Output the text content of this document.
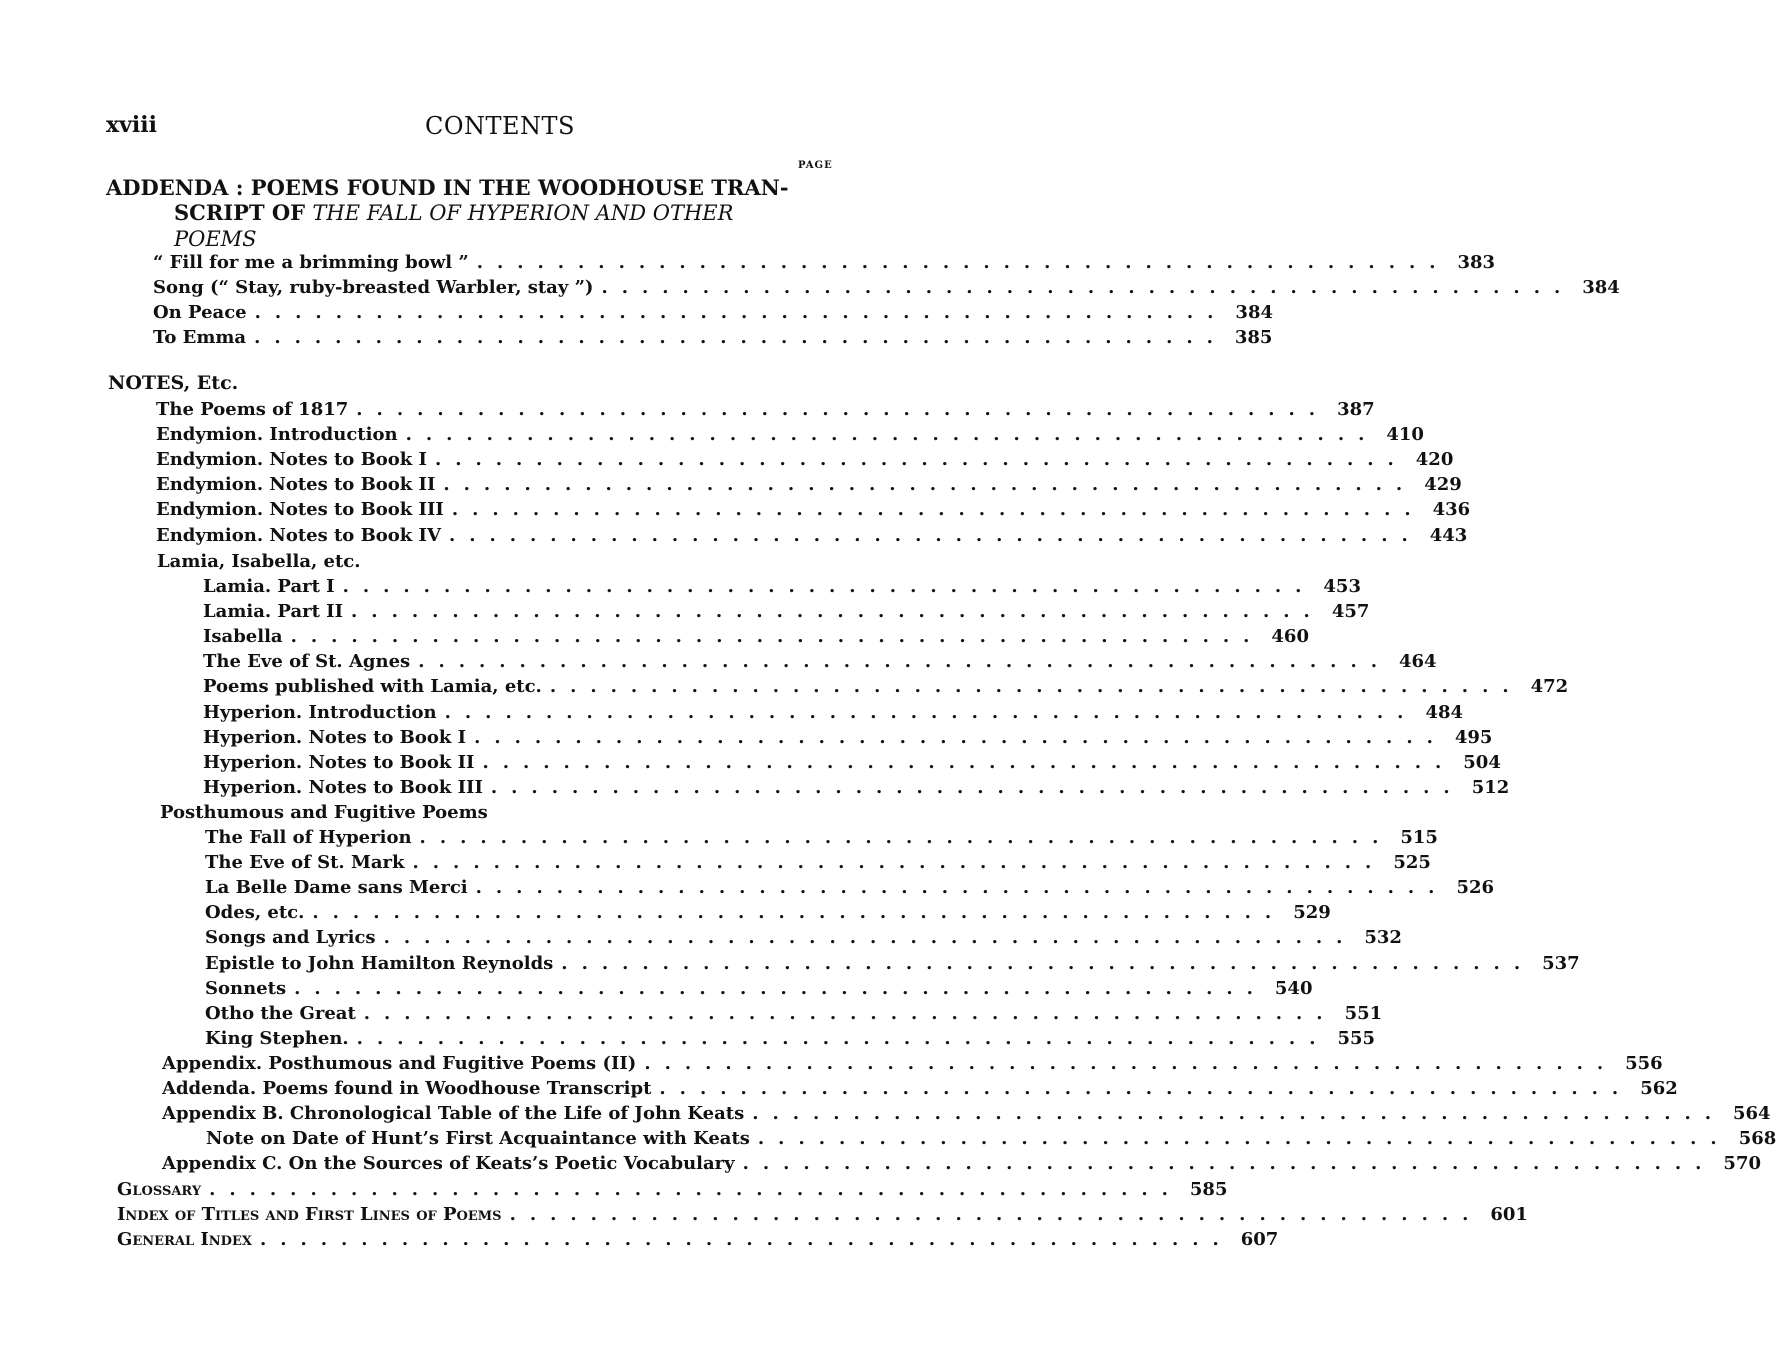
xviii	CONTENTS
PAGE
ADDENDA : POEMS FOUND IN THE WOODHOUSE TRAN-

SCRIPT OF THE FALL OF HYPERION AND OTHER
POEMS
NOTES, Etc.
Lamia, Isabella, etc.
Posthumous and Fugitive Poems
“ Fill for me a brimming bowl ” ................................................ 383
Song (“ Stay, ruby-breasted Warbler, stay ”) ................................................ 384
On Peace ................................................ 384
To Emma ................................................ 385
The Poems of 1817 ................................................ 387
Endymion. Introduction ................................................ 410
Endymion. Notes to Book I ................................................ 420
Endymion. Notes to Book II ................................................ 429
Endymion. Notes to Book III ................................................ 436
Endymion. Notes to Book IV ................................................ 443
Lamia. Part I ................................................ 453
Lamia. Part II ................................................ 457
Isabella ................................................ 460
The Eve of St. Agnes ................................................ 464
Poems published with Lamia, etc. ................................................ 472
Hyperion. Introduction ................................................ 484
Hyperion. Notes to Book I ................................................ 495
Hyperion. Notes to Book II ................................................ 504
Hyperion. Notes to Book III ................................................ 512
The Fall of Hyperion ................................................ 515
The Eve of St. Mark ................................................ 525
La Belle Dame sans Merci ................................................ 526
Odes, etc. ................................................ 529
Songs and Lyrics ................................................ 532
Epistle to John Hamilton Reynolds ................................................ 537
Sonnets ................................................ 540
Otho the Great ................................................ 551
King Stephen. ................................................ 555
Appendix. Posthumous and Fugitive Poems (II) ................................................ 556
Addenda. Poems found in Woodhouse Transcript ................................................ 562
Appendix B. Chronological Table of the Life of John Keats ................................................ 564
Note on Date of Hunt’s First Acquaintance with Keats ................................................ 568
Appendix C. On the Sources of Keats’s Poetic Vocabulary ................................................ 570
Glossary ................................................ 585
Index of Titles and First Lines of Poems ................................................ 601
General Index ................................................ 607
